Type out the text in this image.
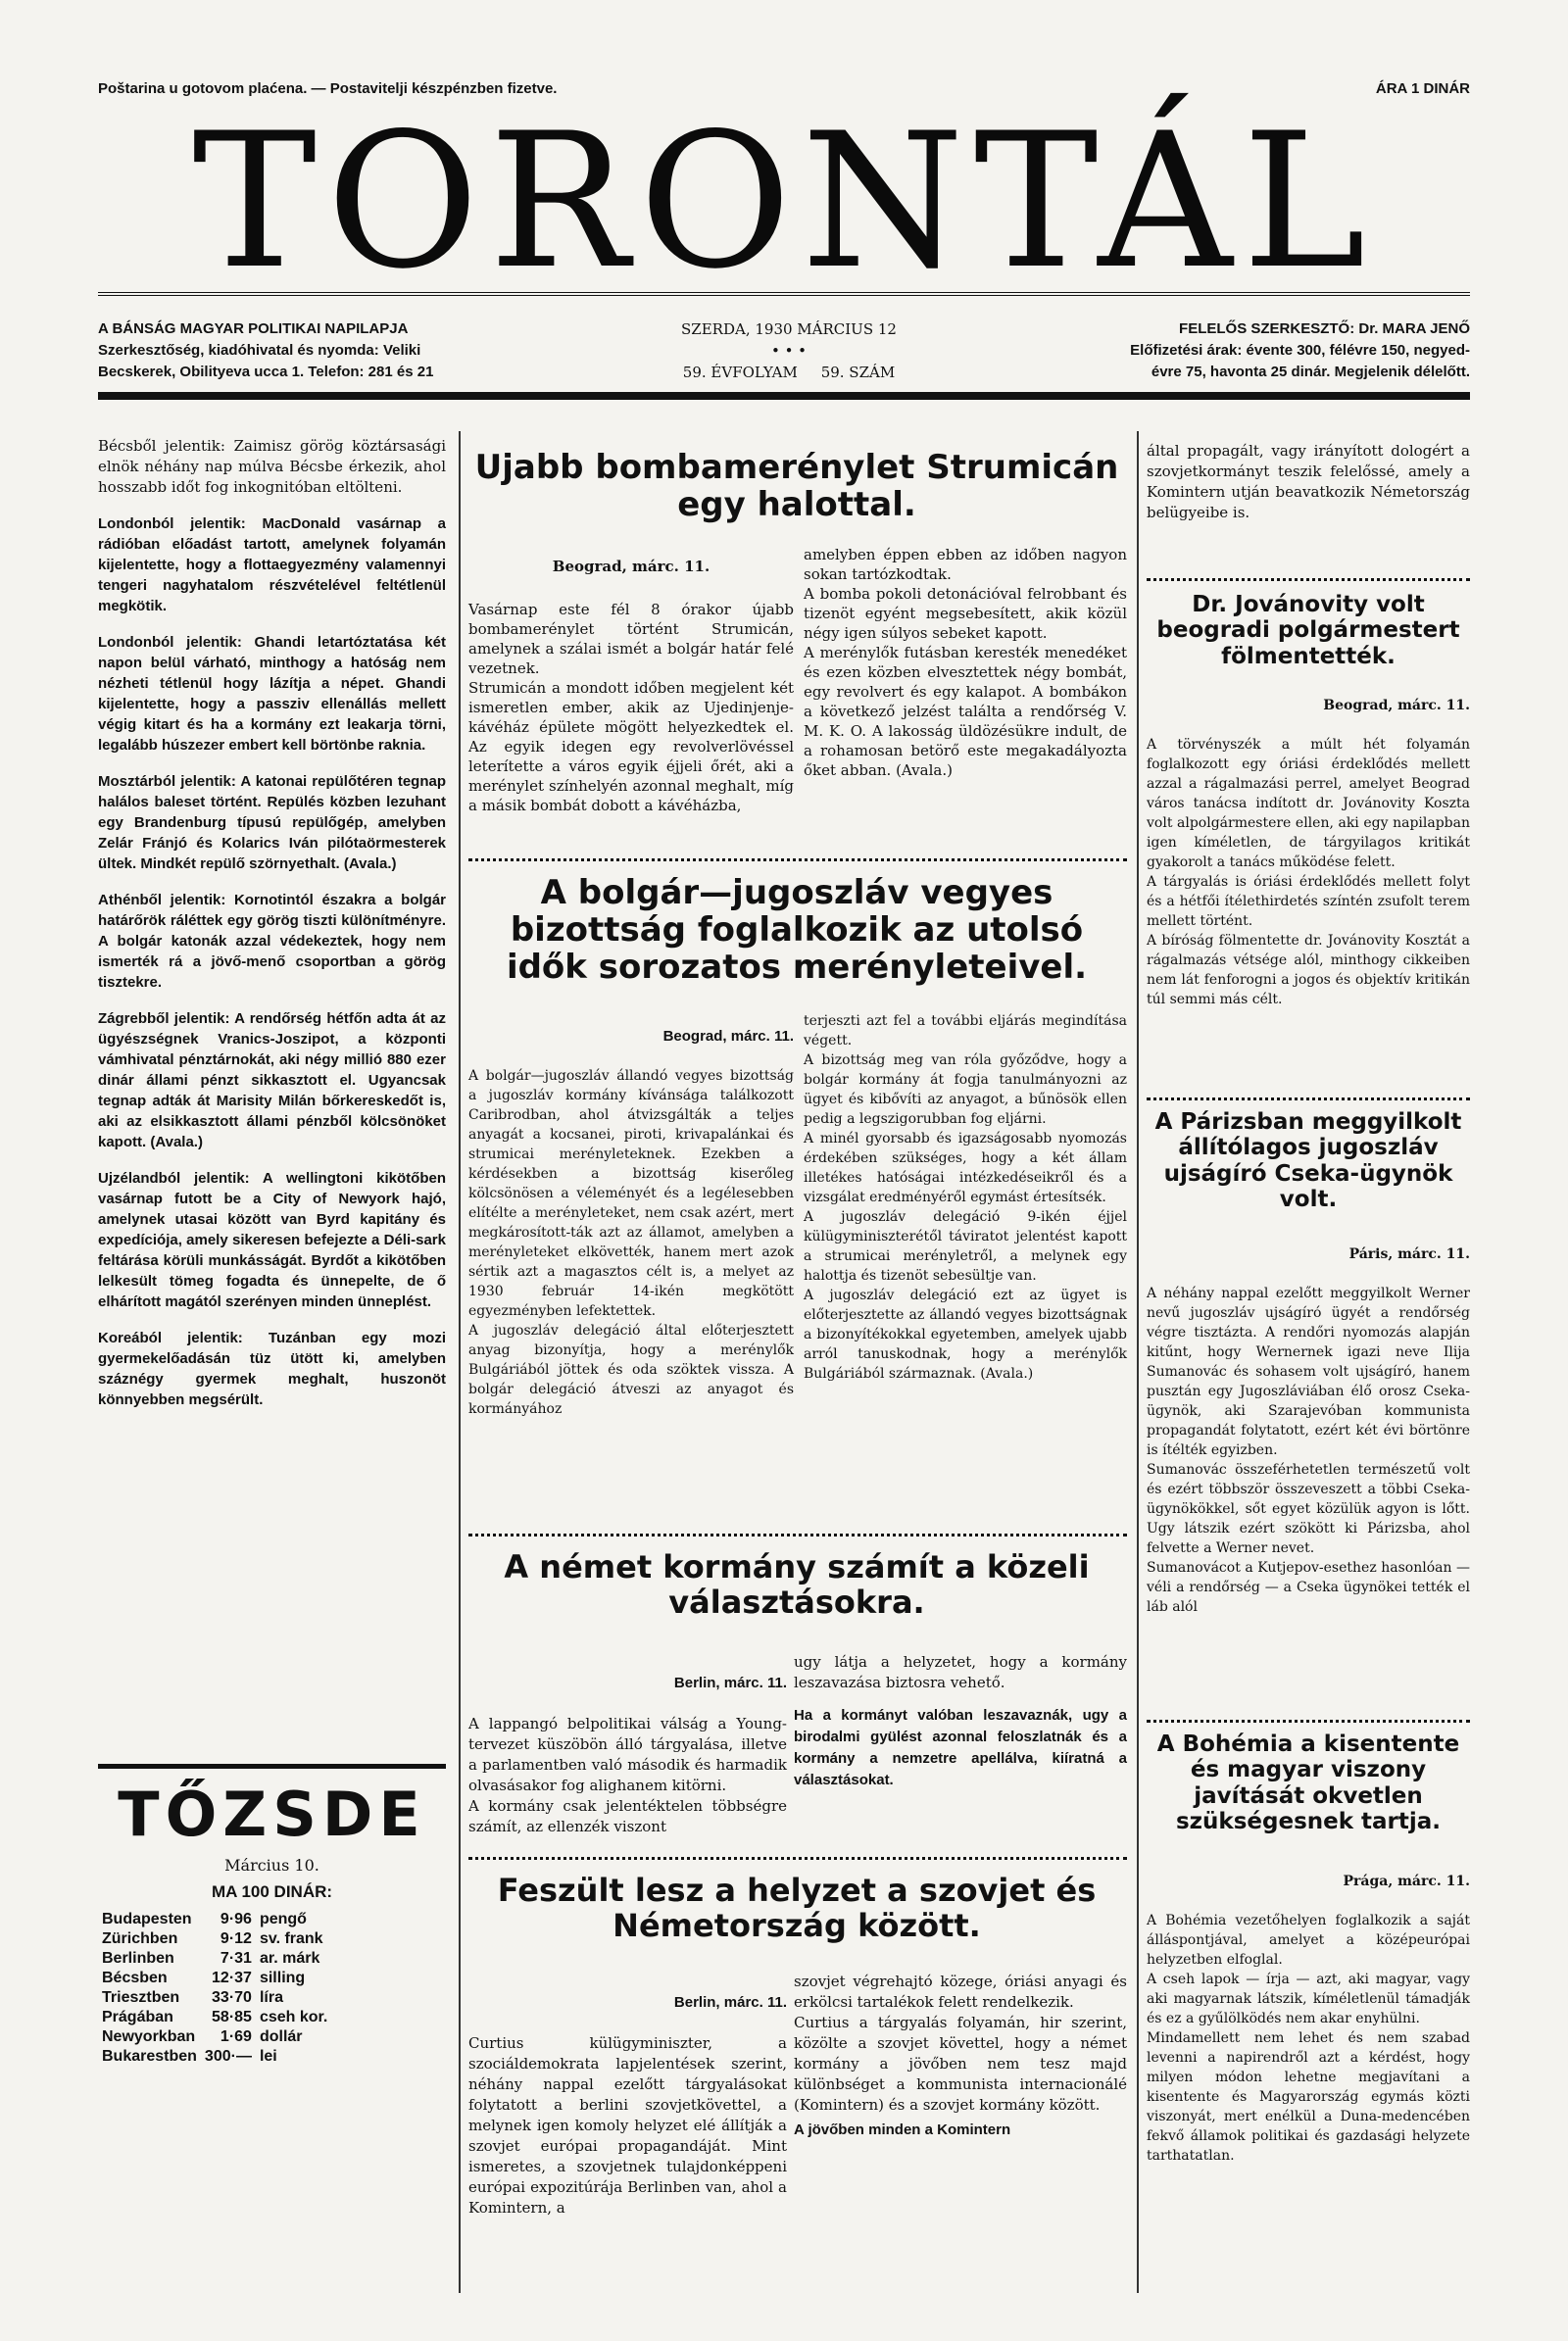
Poštarina u gotovom plaćena. — Postavitelji készpénzben fizetve.	ÁRA 1 DINÁR
TORONTÁL
A BÁNSÁG MAGYAR POLITIKAI NAPILAPJA
Szerkesztőség, kiadóhivatal és nyomda: Veliki
Becskerek, Obilityeva ucca 1. Telefon: 281 és 21
SZERDA, 1930 MÁRCIUS 12
• • •
59. ÉVFOLYAM 59. SZÁM
FELELŐS SZERKESZTŐ: Dr. MARA JENŐ
Előfizetési árak: évente 300, félévre 150, negyed-
évre 75, havonta 25 dinár. Megjelenik délelőtt.

Bécsből jelentik: Zaimisz görög köztársasági elnök néhány nap múlva Bécsbe érkezik, ahol hosszabb időt fog inkognitóban eltölteni.

Londonból jelentik: MacDonald vasárnap a rádióban előadást tartott, amelynek folyamán kijelentette, hogy a flottaegyezmény valamennyi tengeri nagyhatalom részvételével feltétlenül megkötik.

Londonból jelentik: Ghandi letartóztatása két napon belül várható, minthogy a hatóság nem nézheti tétlenül hogy lázítja a népet. Ghandi kijelentette, hogy a passziv ellenállás mellett végig kitart és ha a kormány ezt leakarja törni, legalább húszezer embert kell börtönbe raknia.

Mosztárból jelentik: A katonai repülőtéren tegnap halálos baleset történt. Repülés közben lezuhant egy Brandenburg típusú repülőgép, amelyben Zelár Fránjó és Kolarics Iván pilótaörmesterek ültek. Mindkét repülő szörnyethalt. (Avala.)

Athénből jelentik: Kornotintól északra a bolgár határőrök ráléttek egy görög tiszti különítményre. A bolgár katonák azzal védekeztek, hogy nem ismerték rá a jövő-menő csoportban a görög tisztekre.

Zágrebből jelentik: A rendőrség hétfőn adta át az ügyészségnek Vranics-Joszipot, a központi vámhivatal pénztárnokát, aki négy millió 880 ezer dinár állami pénzt sikkasztott el. Ugyancsak tegnap adták át Marisity Milán bőrkereskedőt is, aki az elsikkasztott állami pénzből kölcsönöket kapott. (Avala.)

Ujzélandból jelentik: A wellingtoni kikötőben vasárnap futott be a City of Newyork hajó, amelynek utasai között van Byrd kapitány és expedíciója, amely sikeresen befejezte a Déli-sark feltárása körüli munkásságát. Byrdőt a kikötőben lelkesült tömeg fogadta és ünnepelte, de ő elhárított magától szerényen minden ünneplést.

Koreából jelentik: Tuzánban egy mozi gyermekelőadásán tüz ütött ki, amelyben száznégy gyermek meghalt, huszonöt könnyebben megsérült.

TŐZSDE
Március 10.
MA 100 DINÁR:
Budapesten	9·96	pengő
Zürichben	9·12	sv. frank
Berlinben	7·31	ar. márk
Bécsben	12·37	silling
Triesztben	33·70	líra
Prágában	58·85	cseh kor.
Newyorkban	1·69	dollár
Bukarestben	300·—	lei
Ujabb bombamerénylet Strumicán egy halottal.

Beograd, márc. 11.

Vasárnap este fél 8 órakor újabb bombamerénylet történt Strumicán, amelynek a szálai ismét a bolgár határ felé vezetnek.
Strumicán a mondott időben megjelent két ismeretlen ember, akik az Ujedinjenje-kávéház épülete mögött helyezkedtek el. Az egyik idegen egy revolverlövéssel leterítette a város egyik éjjeli őrét, aki a merénylet színhelyén azonnal meghalt, míg a másik bombát dobott a kávéházba,

amelyben éppen ebben az időben nagyon sokan tartózkodtak.
A bomba pokoli detonációval felrobbant és tizenöt egyént megsebesített, akik közül négy igen súlyos sebeket kapott.
A merénylők futásban keresték menedéket és ezen közben elvesztettek négy bombát, egy revolvert és egy kalapot. A bombákon a következő jelzést találta a rendőrség V. M. K. O. A lakosság üldözésükre indult, de a rohamosan betörő este megakadályozta őket abban. (Avala.)
A bolgár—jugoszláv vegyes bizottság foglalkozik az utolsó idők sorozatos merényleteivel.

Beograd, márc. 11.

A bolgár—jugoszláv állandó vegyes bizottság a jugoszláv kormány kívánsága találkozott Caribrodban, ahol átvizsgálták a teljes anyagát a kocsanei, piroti, krivapalánkai és strumicai merényleteknek. Ezekben a kérdésekben a bizottság kiserőleg kölcsönösen a véleményét és a legélesebben elítélte a merényleteket, nem csak azért, mert megkárosított-ták azt az államot, amelyben a merényleteket elkövették, hanem mert azok sértik azt a magasztos célt is, a melyet az 1930 február 14-ikén megkötött egyezményben lefektettek.
A jugoszláv delegáció által előterjesztett anyag bizonyítja, hogy a merénylők Bulgáriából jöttek és oda szöktek vissza. A bolgár delegáció átveszi az anyagot és kormányához

terjeszti azt fel a további eljárás megindítása végett.
A bizottság meg van róla győződve, hogy a bolgár kormány át fogja tanulmányozni az ügyet és kibővíti az anyagot, a bűnösök ellen pedig a legszigorubban fog eljárni.
A minél gyorsabb és igazságosabb nyomozás érdekében szükséges, hogy a két állam illetékes hatóságai intézkedéseikről és a vizsgálat eredményéről egymást értesítsék.
A jugoszláv delegáció 9-ikén éjjel külügyminiszterétől táviratot jelentést kapott a strumicai merényletről, a melynek egy halottja és tizenöt sebesültje van.
A jugoszláv delegáció ezt az ügyet is előterjesztette az állandó vegyes bizottságnak a bizonyítékokkal egyetemben, amelyek ujabb arról tanuskodnak, hogy a merénylők Bulgáriából származnak. (Avala.)
A német kormány számít a közeli választásokra.

Berlin, márc. 11.

A lappangó belpolitikai válság a Young-tervezet küszöbön álló tárgyalása, illetve a parlamentben való második és harmadik olvasásakor fog alighanem kitörni.
A kormány csak jelentéktelen többségre számít, az ellenzék viszont

ugy látja a helyzetet, hogy a kormány leszavazása biztosra vehető.
Ha a kormányt valóban leszavaznák, ugy a birodalmi gyülést azonnal feloszlatnák és a kormány a nemzetre apellálva, kiíratná a választásokat.
Feszült lesz a helyzet a szovjet és Németország között.

Berlin, márc. 11.

Curtius külügyminiszter, a szociáldemokrata lapjelentések szerint, néhány nappal ezelőtt tárgyalásokat folytatott a berlini szovjetkövettel, a melynek igen komoly helyzet elé állítják a szovjet európai propagandáját. Mint ismeretes, a szovjetnek tulajdonképpeni európai expozitúrája Berlinben van, ahol a Komintern, a

szovjet végrehajtó közege, óriási anyagi és erkölcsi tartalékok felett rendelkezik.
Curtius a tárgyalás folyamán, hir szerint, közölte a szovjet követtel, hogy a német kormány a jövőben nem tesz majd különbséget a kommunista internacionálé (Komintern) és a szovjet kormány között.
A jövőben minden a Komintern
által propagált, vagy irányított dologért a szovjetkormányt teszik felelőssé, amely a Komintern utján beavatkozik Németország belügyeibe is.
Dr. Jovánovity volt beogradi polgármestert fölmentették.

Beograd, márc. 11.

A törvényszék a múlt hét folyamán foglalkozott egy óriási érdeklődés mellett azzal a rágalmazási perrel, amelyet Beograd város tanácsa indított dr. Jovánovity Koszta volt alpolgármestere ellen, aki egy napilapban igen kíméletlen, de tárgyilagos kritikát gyakorolt a tanács működése felett.
A tárgyalás is óriási érdeklődés mellett folyt és a hétfői ítélethirdetés színtén zsufolt terem mellett történt.
A bíróság fölmentette dr. Jovánovity Kosztát a rágalmazás vétsége alól, minthogy cikkeiben nem lát fenforogni a jogos és objektív kritikán túl semmi más célt.

A Párizsban meggyilkolt állítólagos jugoszláv ujságíró Cseka-ügynök volt.

Páris, márc. 11.

A néhány nappal ezelőtt meggyilkolt Werner nevű jugoszláv ujságíró ügyét a rendőrség végre tisztázta. A rendőri nyomozás alapján kitűnt, hogy Wernernek igazi neve Ilija Sumanovác és sohasem volt ujságíró, hanem pusztán egy Jugoszláviában élő orosz Cseka-ügynök, aki Szarajevóban kommunista propagandát folytatott, ezért két évi börtönre is ítélték egyizben.
Sumanovác összeférhetetlen természetű volt és ezért többször összeveszett a többi Cseka-ügynökökkel, sőt egyet közülük agyon is lőtt. Ugy látszik ezért szökött ki Párizsba, ahol felvette a Werner nevet.
Sumanovácot a Kutjepov-esethez hasonlóan — véli a rendőrség — a Cseka ügynökei tették el láb alól

A Bohémia a kisentente és magyar viszony javítását okvetlen szükségesnek tartja.

Prága, márc. 11.

A Bohémia vezetőhelyen foglalkozik a saját álláspontjával, amelyet a középeurópai helyzetben elfoglal.
A cseh lapok — írja — azt, aki magyar, vagy aki magyarnak látszik, kíméletlenül támadják és ez a gyűlölködés nem akar enyhülni.
Mindamellett nem lehet és nem szabad levenni a napirendről azt a kérdést, hogy milyen módon lehetne megjavítani a kisentente és Magyarország egymás közti viszonyát, mert enélkül a Duna-medencében fekvő államok politikai és gazdasági helyzete tarthatatlan.
